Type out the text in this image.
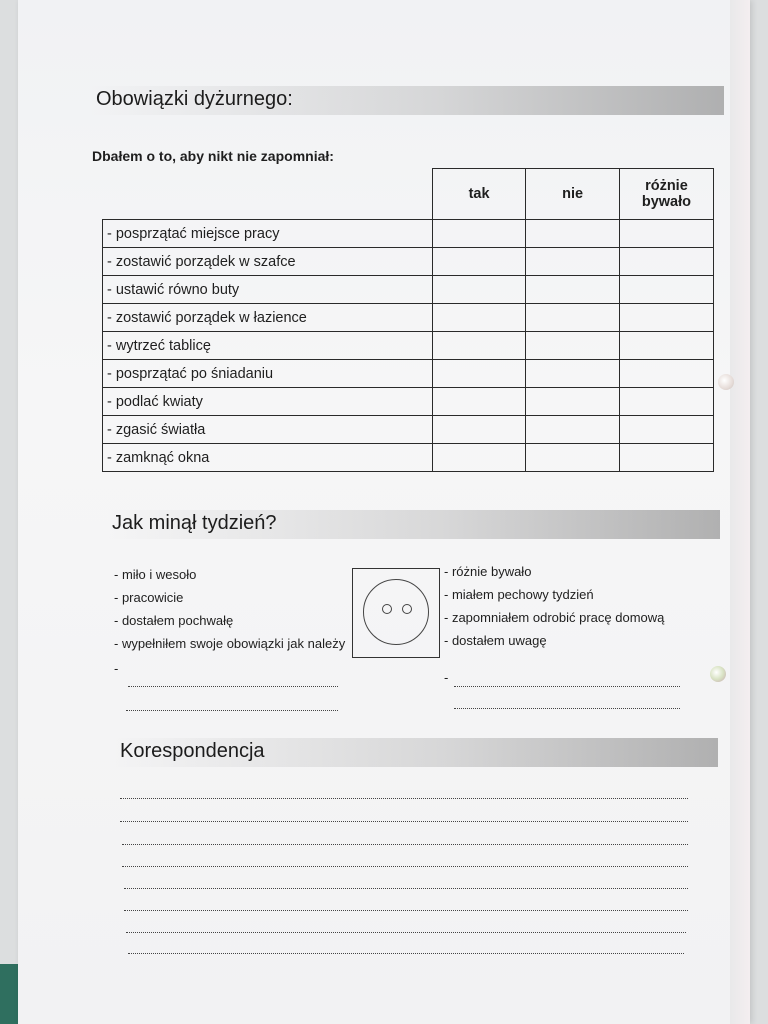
Obowiązki dyżurnego:
Dbałem o to, aby nikt nie zapomniał:
	tak	nie	różnie
bywało
- posprzątać miejsce pracy			
- zostawić porządek w szafce			
- ustawić równo buty			
- zostawić porządek w łazience			
- wytrzeć tablicę			
- posprzątać po śniadaniu			
- podlać kwiaty			
- zgasić światła			
- zamknąć okna			
Jak minął tydzień?
- miło i wesoło
- pracowicie
- dostałem pochwałę
- wypełniłem swoje obowiązki jak należy
-
- różnie bywało
- miałem pechowy tydzień
- zapomniałem odrobić pracę domową
- dostałem uwagę
-
Korespondencja
